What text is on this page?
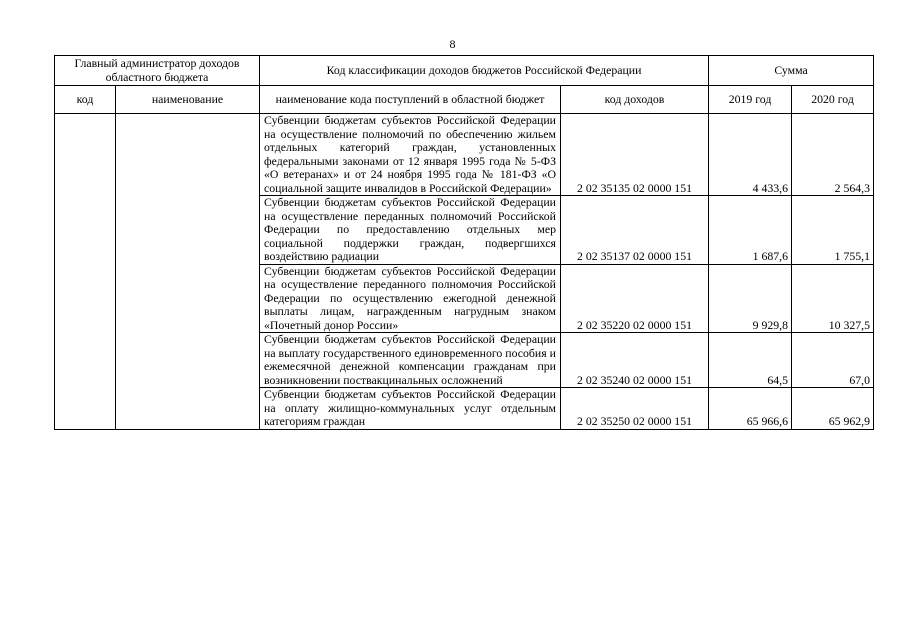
8
Главный администратор доходов областного бюджета		Код классификации доходов бюджетов Российской Федерации		Сумма	
код	наименование	наименование кода поступлений в областной бюджет	код доходов	2019 год	2020 год
		Субвенции бюджетам субъектов Российской Федерации на осуществление полномочий по обеспечению жильем отдельных категорий граждан, установленных федеральными законами от 12 января 1995 года № 5-ФЗ «О ветеранах» и от 24 ноября 1995 года № 181-ФЗ «О социальной защите инвалидов в Российской Федерации»	2 02 35135 02 0000 151	4 433,6	2 564,3
		Субвенции бюджетам субъектов Российской Федерации на осуществление переданных полномочий Российской Федерации по предоставлению отдельных мер социальной поддержки граждан, подвергшихся воздействию радиации	2 02 35137 02 0000 151	1 687,6	1 755,1
		Субвенции бюджетам субъектов Российской Федерации на осуществление переданного полномочия Российской Федерации по осуществлению ежегодной денежной выплаты лицам, награжденным нагрудным знаком «Почетный донор России»	2 02 35220 02 0000 151	9 929,8	10 327,5
		Субвенции бюджетам субъектов Российской Федерации на выплату государственного единовременного пособия и ежемесячной денежной компенсации гражданам при возникновении поствакцинальных осложнений	2 02 35240 02 0000 151	64,5	67,0
		Субвенции бюджетам субъектов Российской Федерации на оплату жилищно-коммунальных услуг отдельным категориям граждан	2 02 35250 02 0000 151	65 966,6	65 962,9
